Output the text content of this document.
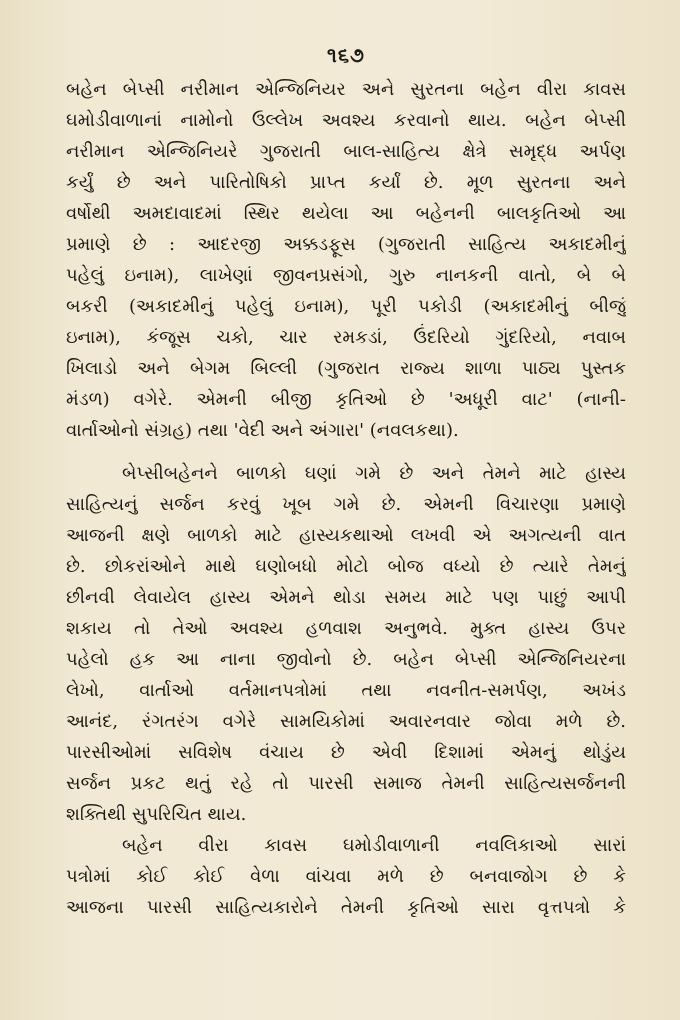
૧૬૭
બહેન બેપ્સી નરીમાન એન્જિનિયર અને સુરતના બહેન વીરા કાવસ
ઘમોડીવાળાનાં નામોનો ઉલ્લેખ અવશ્ય કરવાનો થાય. બહેન બેપ્સી
નરીમાન એન્જિનિયરે ગુજરાતી બાલ-સાહિત્ય ક્ષેત્રે સમૃદ્ધ અર્પણ
કર્યું છે અને પારિતોષિકો પ્રાપ્ત કર્યાં છે. મૂળ સુરતના અને
વર્ષોથી અમદાવાદમાં સ્થિર થયેલા આ બહેનની બાલકૃતિઓ આ
પ્રમાણે છે : આદરજી અક્કડફૂસ (ગુજરાતી સાહિત્ય અકાદમીનું
પહેલું ઇનામ), લાખેણાં જીવનપ્રસંગો, ગુરુ નાનકની વાતો, બે બે
બકરી (અકાદમીનું પહેલું ઇનામ), પૂરી પકોડી (અકાદમીનું બીજું
ઇનામ), કંજૂસ ચકો, ચાર રમકડાં, ઉંદરિયો ગુંદરિયો, નવાબ
ખિલાડો અને બેગમ બિલ્લી (ગુજરાત રાજ્ય શાળા પાઠ્ય પુસ્તક
મંડળ) વગેરે. એમની બીજી કૃતિઓ છે 'અધૂરી વાટ' (નાની-
વાર્તાઓનો સંગ્રહ) તથા 'વેદી અને અંગારા' (નવલકથા).
બેપ્સીબહેનને બાળકો ઘણાં ગમે છે અને તેમને માટે હાસ્ય
સાહિત્યનું સર્જન કરવું ખૂબ ગમે છે. એમની વિચારણા પ્રમાણે
આજની ક્ષણે બાળકો માટે હાસ્યકથાઓ લખવી એ અગત્યની વાત
છે. છોકરાંઓને માથે ઘણોબધો મોટો બોજ વધ્યો છે ત્યારે તેમનું
છીનવી લેવાયેલ હાસ્ય એમને થોડા સમય માટે પણ પાછું આપી
શકાય તો તેઓ અવશ્ય હળવાશ અનુભવે. મુક્ત હાસ્ય ઉપર
પહેલો હક આ નાના જીવોનો છે. બહેન બેપ્સી એન્જિનિયરના
લેખો, વાર્તાઓ વર્તમાનપત્રોમાં તથા નવનીત-સમર્પણ, અખંડ
આનંદ, રંગતરંગ વગેરે સામયિકોમાં અવારનવાર જોવા મળે છે.
પારસીઓમાં સવિશેષ વંચાય છે એવી દિશામાં એમનું થોડુંય
સર્જન પ્રકટ થતું રહે તો પારસી સમાજ તેમની સાહિત્યસર્જનની
શક્તિથી સુપરિચિત થાય.
બહેન વીરા કાવસ ઘમોડીવાળાની નવલિકાઓ સારાં
પત્રોમાં કોઈ કોઈ વેળા વાંચવા મળે છે બનવાજોગ છે કે
આજના પારસી સાહિત્યકારોને તેમની કૃતિઓ સારા વૃત્તપત્રો કે
